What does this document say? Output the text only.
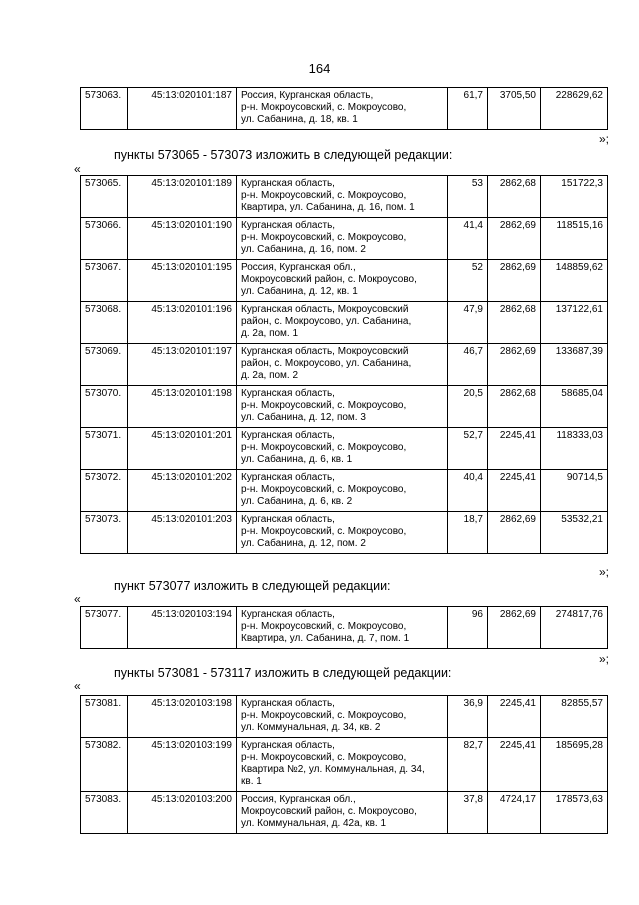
164
573063.	45:13:020101:187	Россия, Курганская область,
р-н. Мокроусовский, с. Мокроусово,
ул. Сабанина, д. 18, кв. 1
	61,7	3705,50	228629,62
»;
пункты 573065 - 573073 изложить в следующей редакции:
«
573065.	45:13:020101:189	Курганская область,
р-н. Мокроусовский, с. Мокроусово,
Квартира, ул. Сабанина, д. 16, пом. 1	53	2862,68	151722,3
573066.	45:13:020101:190	Куpганская область,
р-н. Мокроусовский, с. Мокроусово,
ул. Сабанина, д. 16, пом. 2	41,4	2862,69	118515,16
573067.	45:13:020101:195	Россия, Курганская обл.,
Мокроусовский район, с. Мокроусово,
ул. Сабанина, д. 12, кв. 1	52	2862,69	148859,62
573068.	45:13:020101:196	Курганская область, Мокроусовский
район, с. Мокроусово, ул. Сабанина,
д. 2а, пом. 1	47,9	2862,68	137122,61
573069.	45:13:020101:197	Курганская область, Мокроусовский
район, с. Мокроусово, ул. Сабанина,
д. 2а, пом. 2	46,7	2862,69	133687,39
573070.	45:13:020101:198	Курганская область,
р-н. Мокроусовский, с. Мокроусово,
ул. Сабанина, д. 12, пом. 3	20,5	2862,68	58685,04
573071.	45:13:020101:201	Курганская область,
р-н. Мокроусовский, с. Мокроусово,
ул. Сабанина, д. 6, кв. 1	52,7	2245,41	118333,03
573072.	45:13:020101:202	Курганская область,
р-н. Мокроусовский, с. Мокроусово,
ул. Сабанина, д. 6, кв. 2	40,4	2245,41	90714,5
573073.	45:13:020101:203	Курганская область,
р-н. Мокроусовский, с. Мокроусово,
ул. Сабанина, д. 12, пом. 2	18,7	2862,69	53532,21
»;
пункт 573077 изложить в следующей редакции:
«
573077.	45:13:020103:194	Курганская область,
р-н. Мокроусовский, с. Мокроусово,
Квартира, ул. Сабанина, д. 7, пом. 1
	96	2862,69	274817,76
»;
пункты 573081 - 573117 изложить в следующей редакции:
«
573081.	45:13:020103:198	Курганская область,
р-н. Мокроусовский, с. Мокроусово,
ул. Коммунальная, д. 34, кв. 2	36,9	2245,41	82855,57
573082.	45:13:020103:199	Курганская область,
р-н. Мокроусовский, с. Мокроусово,
Квартира №2, ул. Коммунальная, д. 34,
кв. 1	82,7	2245,41	185695,28
573083.	45:13:020103:200	Россия, Курганская обл.,
Мокроусовский район, с. Мокроусово,
ул. Коммунальная, д. 42а, кв. 1	37,8	4724,17	178573,63
